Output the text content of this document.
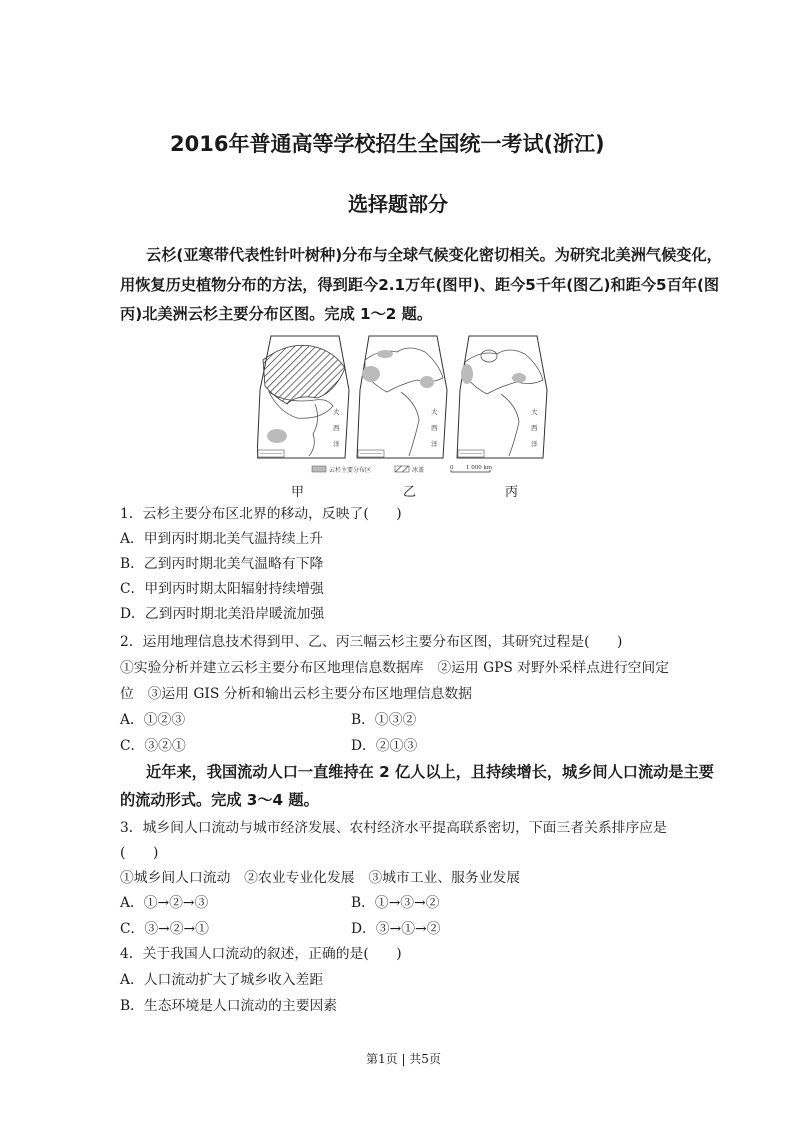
2016年普通高等学校招生全国统一考试(浙江)
选择题部分
云杉(亚寒带代表性针叶树种)分布与全球气候变化密切相关。为研究北美洲气候变化，
用恢复历史植物分布的方法，得到距今2.1万年(图甲)、距今5千年(图乙)和距今5百年(图
丙)北美洲云杉主要分布区图。完成 1～2 题。
大
西
洋
大
西
洋
大
西
洋
云杉主要分布区	冰盖	0 1 000 km
甲	乙	丙
1．云杉主要分布区北界的移动，反映了(　　)
A．甲到丙时期北美气温持续上升
B．乙到丙时期北美气温略有下降
C．甲到丙时期太阳辐射持续增强
D．乙到丙时期北美沿岸暖流加强
2．运用地理信息技术得到甲、乙、丙三幅云杉主要分布区图，其研究过程是(　　)
①实验分析并建立云杉主要分布区地理信息数据库　②运用 GPS 对野外采样点进行空间定
位　③运用 GIS 分析和输出云杉主要分布区地理信息数据
A．①②③	B．①③②
C．③②①	D．②①③
近年来，我国流动人口一直维持在 2 亿人以上，且持续增长，城乡间人口流动是主要
的流动形式。完成 3～4 题。
3．城乡间人口流动与城市经济发展、农村经济水平提高联系密切，下面三者关系排序应是
(　　)
①城乡间人口流动　②农业专业化发展　③城市工业、服务业发展
A．①→②→③	B．①→③→②
C．③→②→①	D．③→①→②
4．关于我国人口流动的叙述，正确的是(　　)
A．人口流动扩大了城乡收入差距
B．生态环境是人口流动的主要因素
第1页 | 共5页
